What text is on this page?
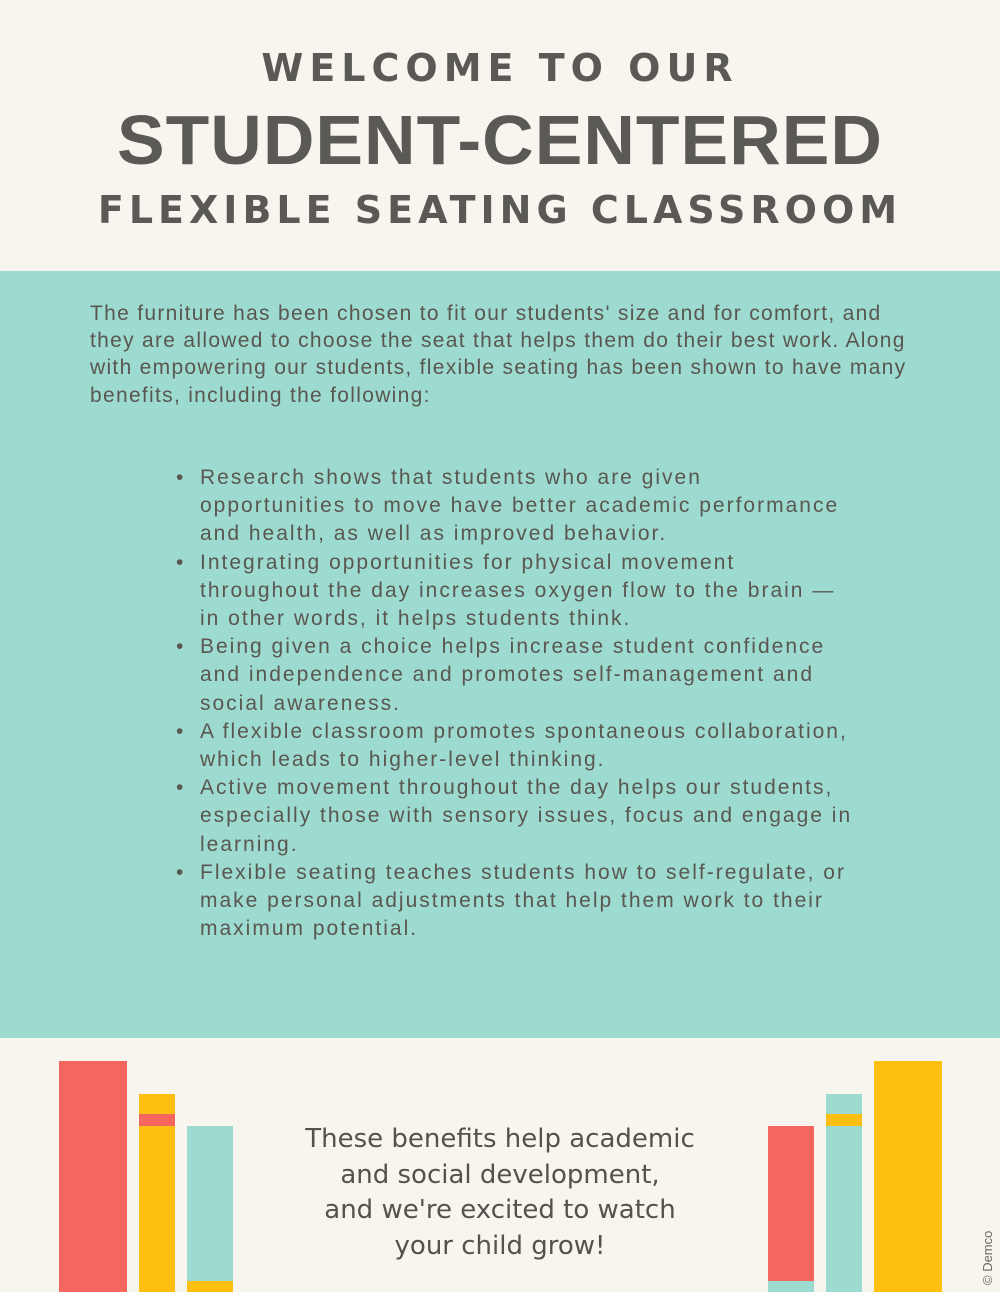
WELCOME TO OUR
STUDENT-CENTERED
FLEXIBLE SEATING CLASSROOM

The furniture has been chosen to fit our students' size and for comfort, and they are allowed to choose the seat that helps them do their best work. Along with empowering our students, flexible seating has been shown to have many benefits, including the following:

• Research shows that students who are given opportunities to move have better academic performance and health, as well as improved behavior.
• Integrating opportunities for physical movement throughout the day increases oxygen flow to the brain — in other words, it helps students think.
• Being given a choice helps increase student confidence and independence and promotes self-management and social awareness.
• A flexible classroom promotes spontaneous collaboration, which leads to higher-level thinking.
• Active movement throughout the day helps our students, especially those with sensory issues, focus and engage in learning.
• Flexible seating teaches students how to self-regulate, or make personal adjustments that help them work to their maximum potential.
These benefits help academic
and social development,
and we're excited to watch
your child grow!	© Demco
